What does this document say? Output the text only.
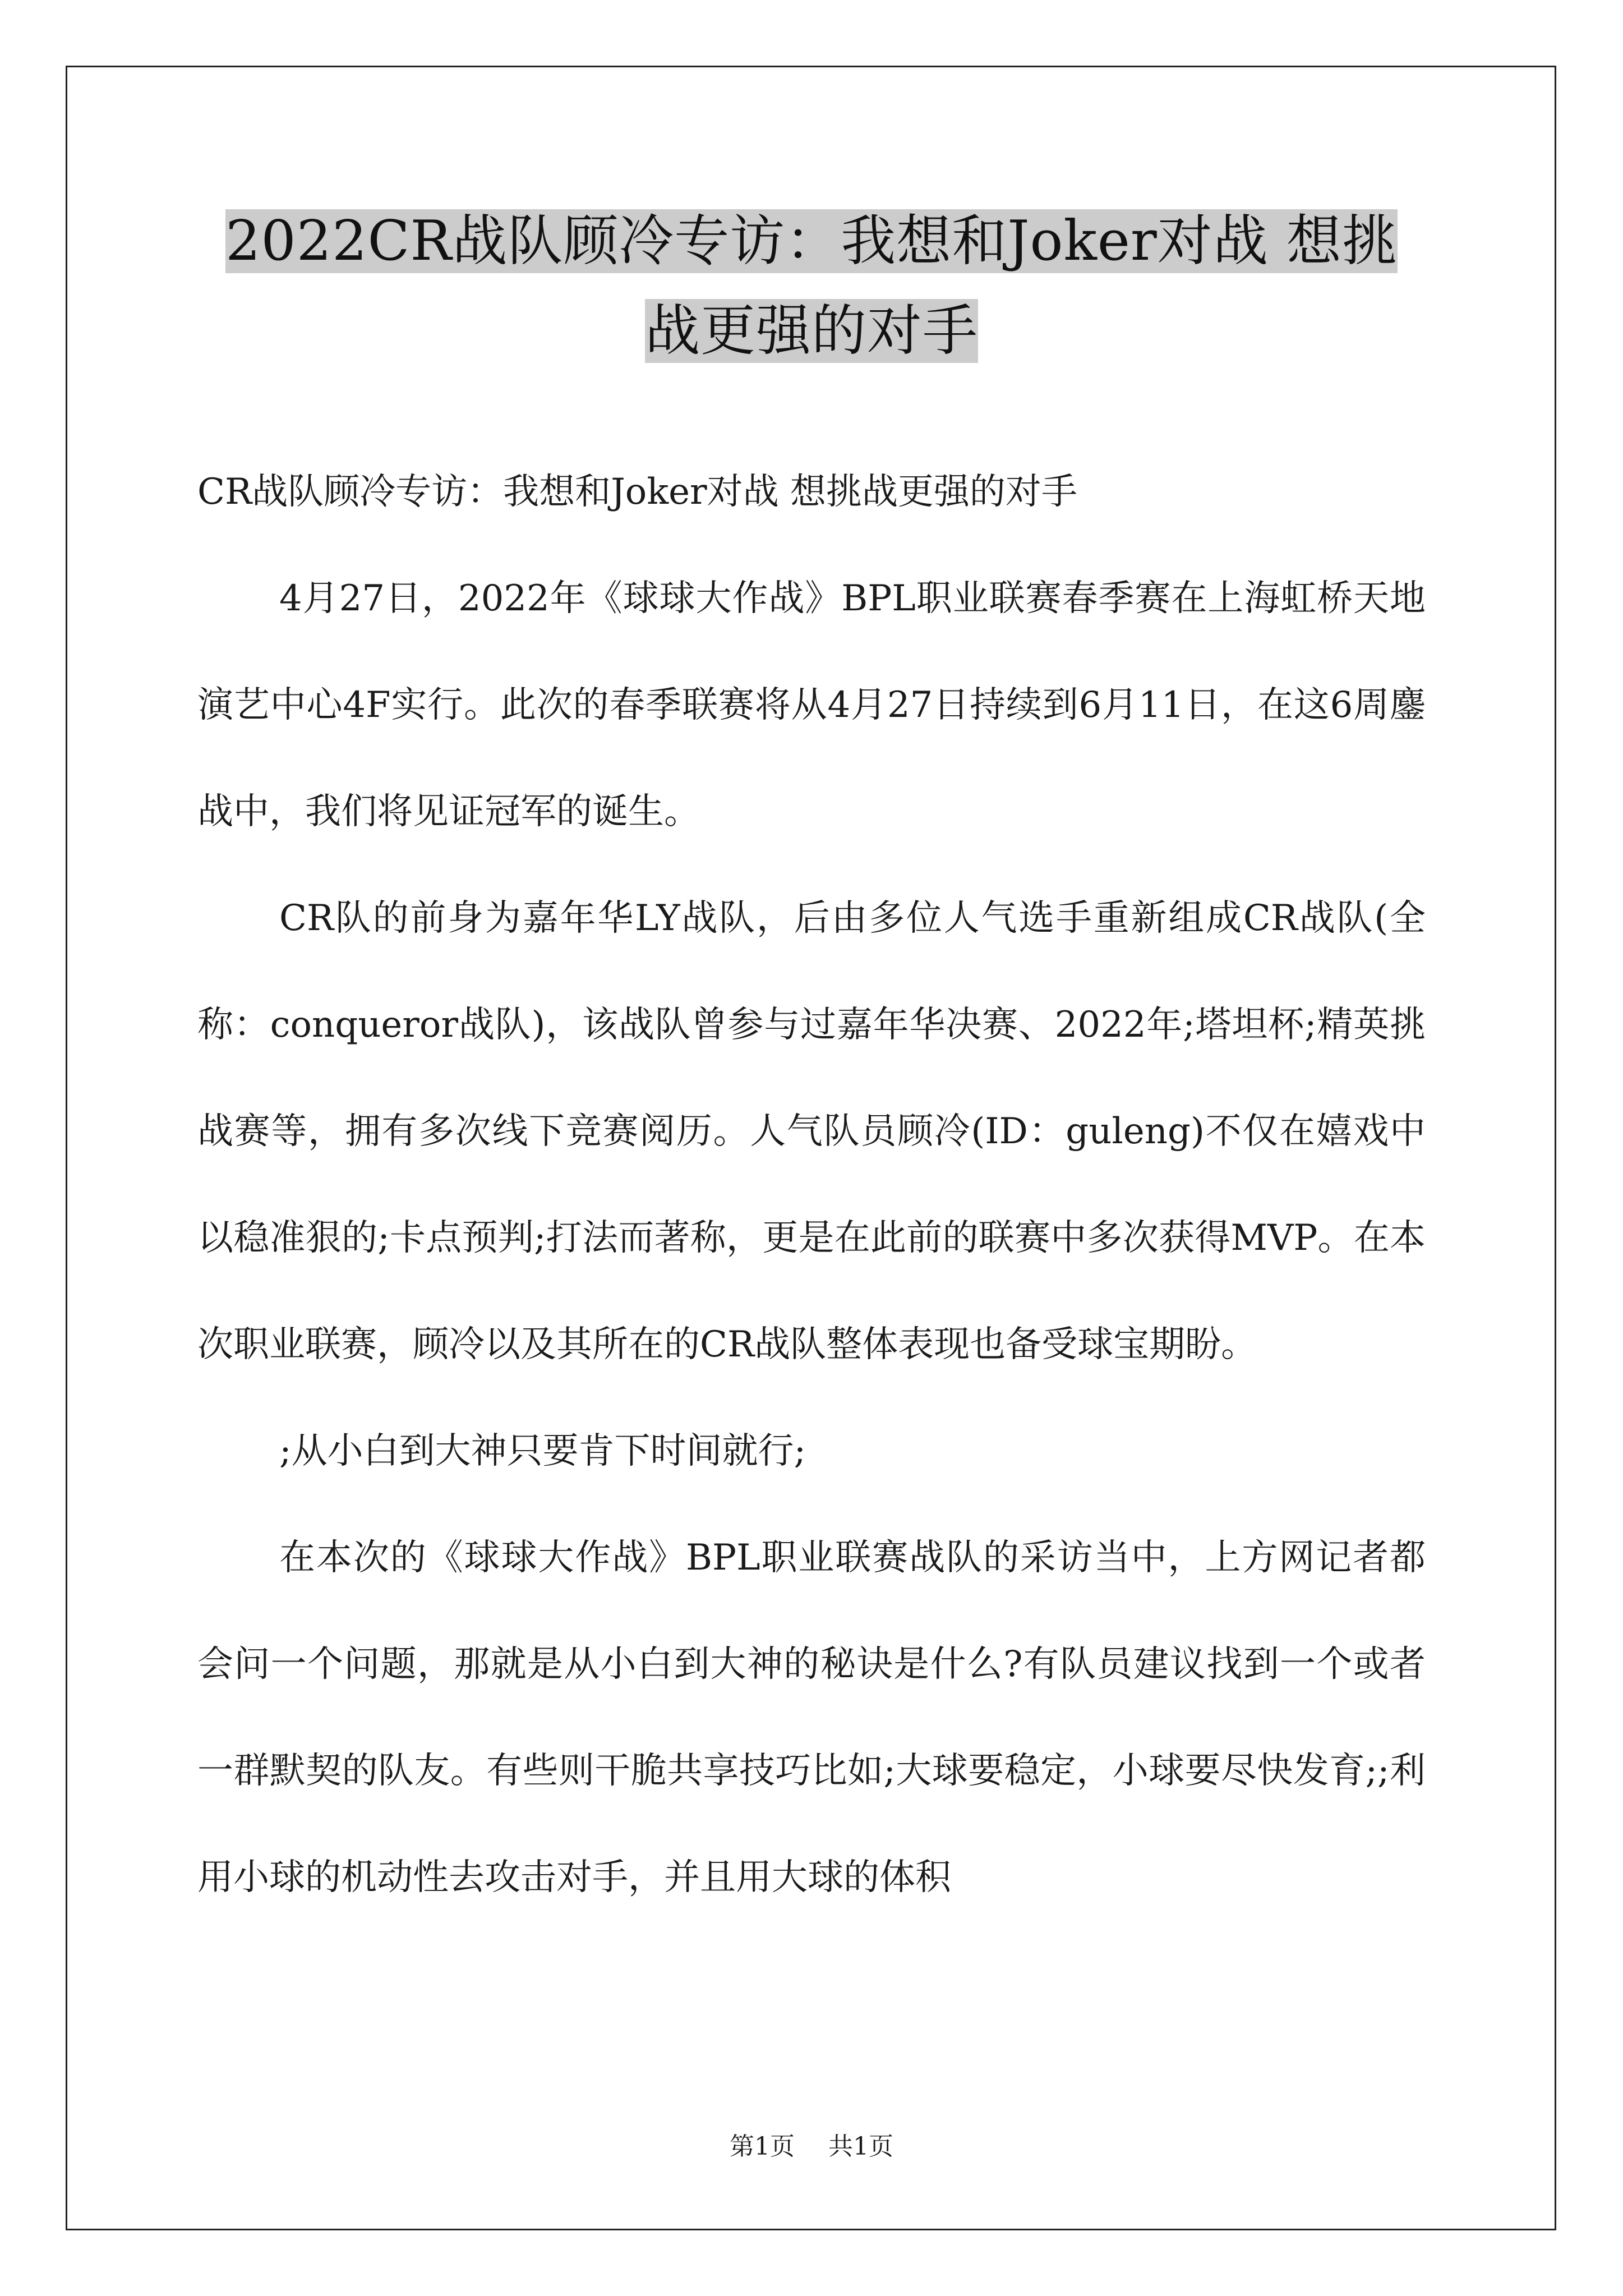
2022CR战队顾冷专访：我想和Joker对战 想挑
战更强的对手

CR战队顾冷专访：我想和Joker对战 想挑战更强的对手

4月27日，2022年《球球大作战》BPL职业联赛春季赛在上海虹桥天地演艺中心4F实行。此次的春季联赛将从4月27日持续到6月11日，在这6周鏖战中，我们将见证冠军的诞生。

CR队的前身为嘉年华LY战队，后由多位人气选手重新组成CR战队(全称：conqueror战队)，该战队曾参与过嘉年华决赛、2022年;塔坦杯;精英挑战赛等，拥有多次线下竞赛阅历。人气队员顾冷(ID：guleng)不仅在嬉戏中以稳准狠的;卡点预判;打法而著称，更是在此前的联赛中多次获得MVP。在本次职业联赛，顾冷以及其所在的CR战队整体表现也备受球宝期盼。

;从小白到大神只要肯下时间就行;

在本次的《球球大作战》BPL职业联赛战队的采访当中，上方网记者都会问一个问题，那就是从小白到大神的秘诀是什么?有队员建议找到一个或者一群默契的队友。有些则干脆共享技巧比如;大球要稳定，小球要尽快发育;;利用小球的机动性去攻击对手，并且用大球的体积

第1页 共1页
